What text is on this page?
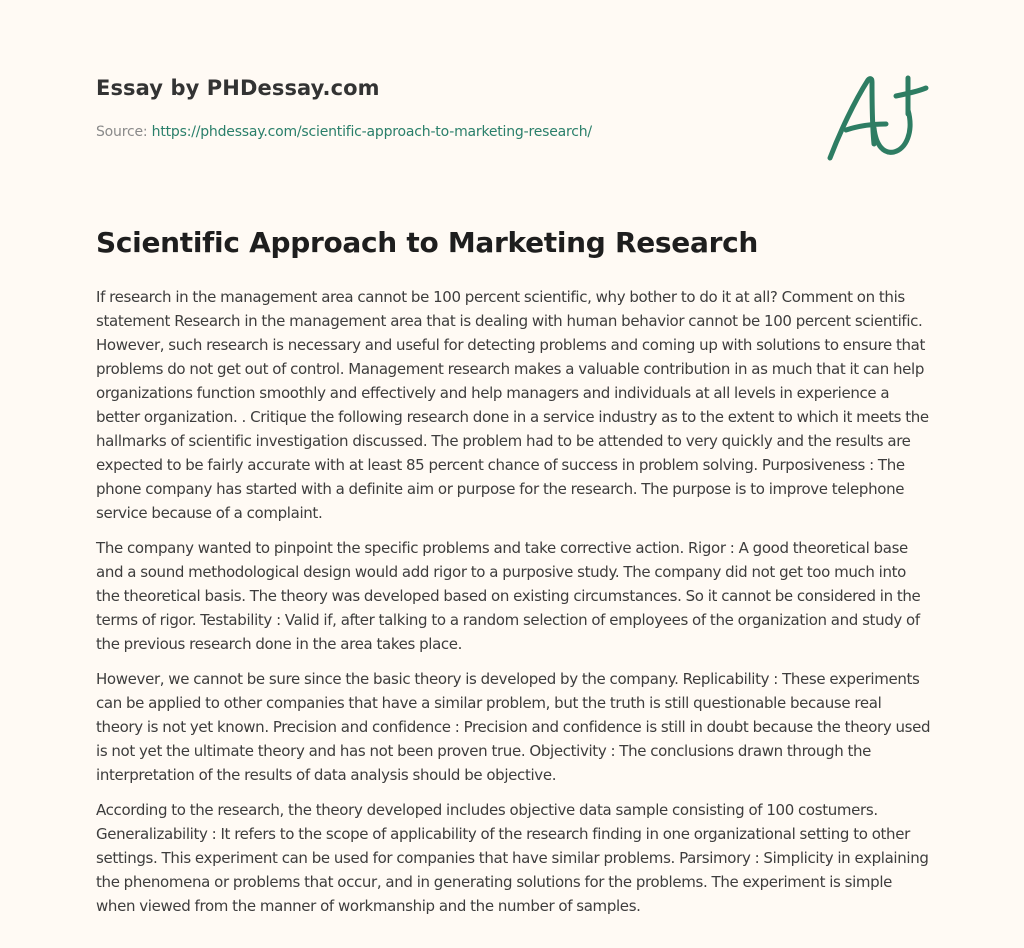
Essay by PHDessay.com
Source: https://phdessay.com/scientific-approach-to-marketing-research/
Scientific Approach to Marketing Research

If research in the management area cannot be 100 percent scientific, why bother to do it at all? Comment on this statement Research in the management area that is dealing with human behavior cannot be 100 percent scientific. However, such research is necessary and useful for detecting problems and coming up with solutions to ensure that problems do not get out of control. Management research makes a valuable contribution in as much that it can help organizations function smoothly and effectively and help managers and individuals at all levels in experience a better organization. . Critique the following research done in a service industry as to the extent to which it meets the hallmarks of scientific investigation discussed. The problem had to be attended to very quickly and the results are expected to be fairly accurate with at least 85 percent chance of success in problem solving. Purposiveness : The phone company has started with a definite aim or purpose for the research. The purpose is to improve telephone service because of a complaint.

The company wanted to pinpoint the specific problems and take corrective action. Rigor : A good theoretical base and a sound methodological design would add rigor to a purposive study. The company did not get too much into the theoretical basis. The theory was developed based on existing circumstances. So it cannot be considered in the terms of rigor. Testability : Valid if, after talking to a random selection of employees of the organization and study of the previous research done in the area takes place.

However, we cannot be sure since the basic theory is developed by the company. Replicability : These experiments can be applied to other companies that have a similar problem, but the truth is still questionable because real theory is not yet known. Precision and confidence : Precision and confidence is still in doubt because the theory used is not yet the ultimate theory and has not been proven true. Objectivity : The conclusions drawn through the interpretation of the results of data analysis should be objective.

According to the research, the theory developed includes objective data sample consisting of 100 costumers. Generalizability : It refers to the scope of applicability of the research finding in one organizational setting to other settings. This experiment can be used for companies that have similar problems. Parsimory : Simplicity in explaining the phenomena or problems that occur, and in generating solutions for the problems. The experiment is simple when viewed from the manner of workmanship and the number of samples.
